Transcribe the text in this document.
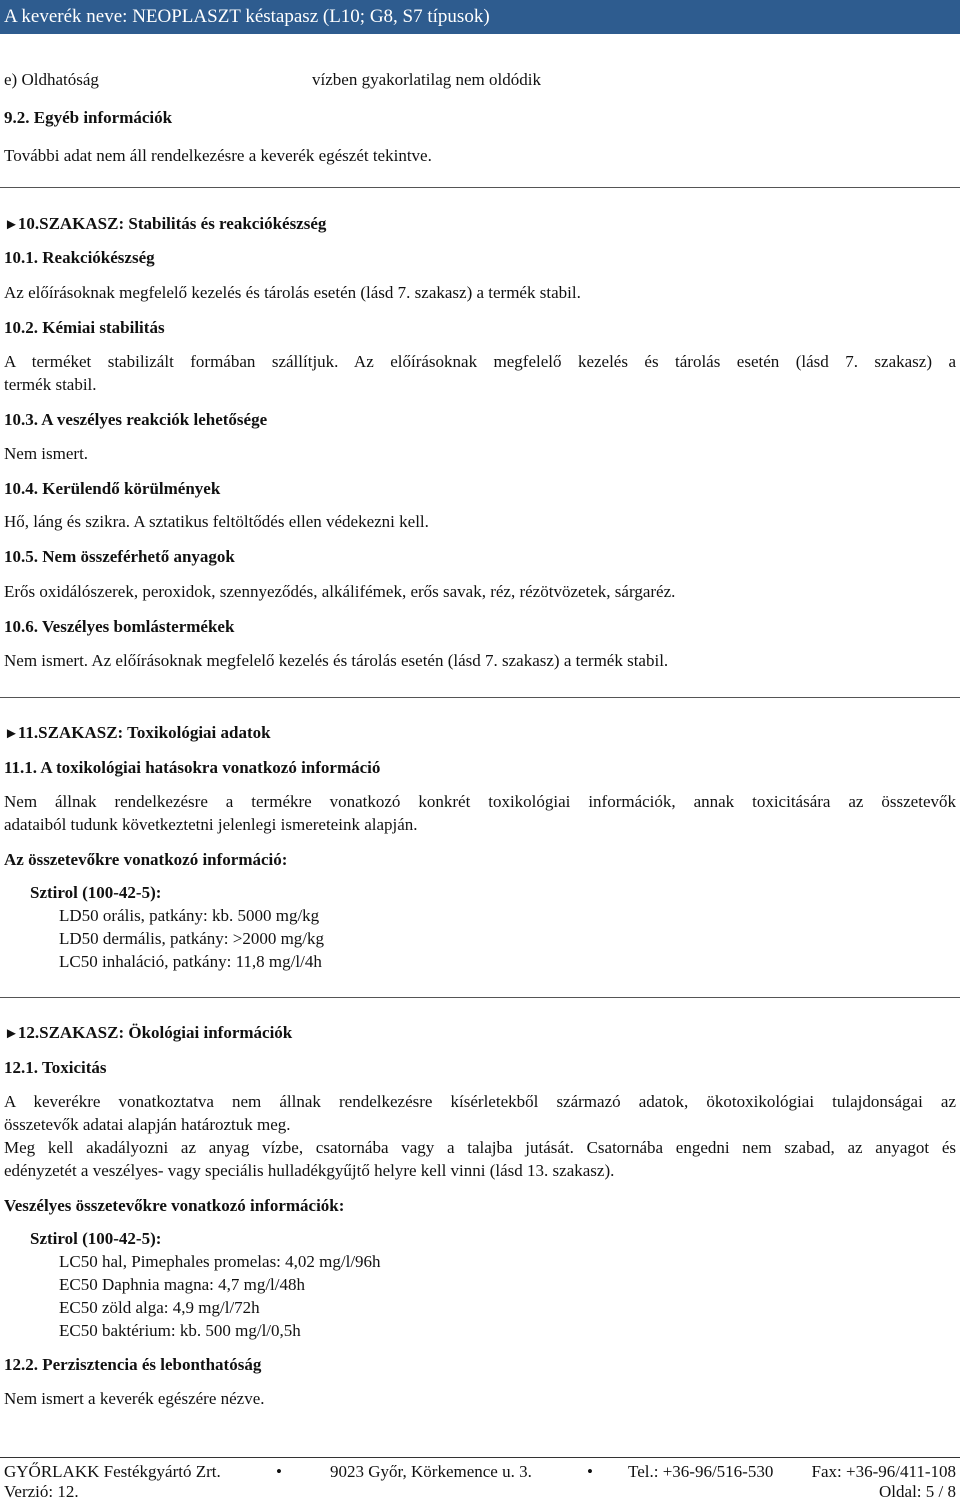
A keverék neve: NEOPLASZT késtapasz (L10; G8, S7 típusok)
e) Oldhatóság	vízben gyakorlatilag nem oldódik
9.2. Egyéb információk
További adat nem áll rendelkezésre a keverék egészét tekintve.
►10.SZAKASZ: Stabilitás és reakciókészség
10.1. Reakciókészség
Az előírásoknak megfelelő kezelés és tárolás esetén (lásd 7. szakasz) a termék stabil.
10.2. Kémiai stabilitás
A terméket stabilizált formában szállítjuk. Az előírásoknak megfelelő kezelés és tárolás esetén (lásd 7. szakasz) a
termék stabil.
10.3. A veszélyes reakciók lehetősége
Nem ismert.
10.4. Kerülendő körülmények
Hő, láng és szikra. A sztatikus feltöltődés ellen védekezni kell.
10.5. Nem összeférhető anyagok
Erős oxidálószerek, peroxidok, szennyeződés, alkálifémek, erős savak, réz, rézötvözetek, sárgaréz.
10.6. Veszélyes bomlástermékek
Nem ismert. Az előírásoknak megfelelő kezelés és tárolás esetén (lásd 7. szakasz) a termék stabil.
►11.SZAKASZ: Toxikológiai adatok
11.1. A toxikológiai hatásokra vonatkozó információ
Nem állnak rendelkezésre a termékre vonatkozó konkrét toxikológiai információk, annak toxicitására az összetevők
adataiból tudunk következtetni jelenlegi ismereteink alapján.
Az összetevőkre vonatkozó információ:
Sztirol (100-42-5):
LD50 orális, patkány: kb. 5000 mg/kg
LD50 dermális, patkány: >2000 mg/kg
LC50 inhaláció, patkány: 11,8 mg/l/4h
►12.SZAKASZ: Ökológiai információk
12.1. Toxicitás
A keverékre vonatkoztatva nem állnak rendelkezésre kísérletekből származó adatok, ökotoxikológiai tulajdonságai az
összetevők adatai alapján határoztuk meg.
Meg kell akadályozni az anyag vízbe, csatornába vagy a talajba jutását. Csatornába engedni nem szabad, az anyagot és
edényzetét a veszélyes- vagy speciális hulladékgyűjtő helyre kell vinni (lásd 13. szakasz).
Veszélyes összetevőkre vonatkozó információk:
Sztirol (100-42-5):
LC50 hal, Pimephales promelas: 4,02 mg/l/96h
EC50 Daphnia magna: 4,7 mg/l/48h
EC50 zöld alga: 4,9 mg/l/72h
EC50 baktérium: kb. 500 mg/l/0,5h
12.2. Perzisztencia és lebonthatóság
Nem ismert a keverék egészére nézve.
GYŐRLAKK Festékgyártó Zrt.	•	9023 Győr, Körkemence u. 3.	• Tel.: +36-96/516-530 Fax: +36-96/411-108
Verzió: 12.	Oldal: 5 / 8
